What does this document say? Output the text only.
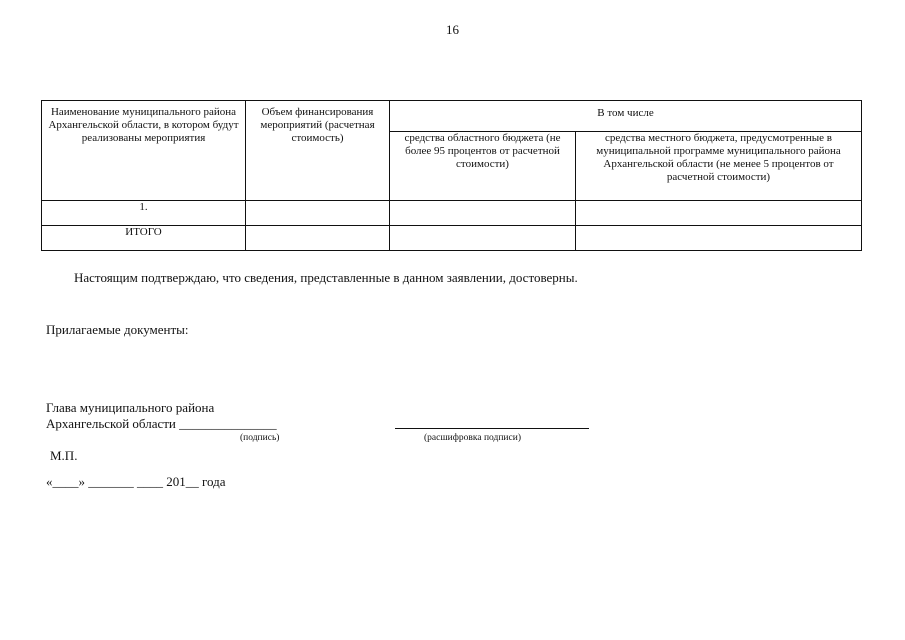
16
Наименование муниципального района Архангельской области, в котором будут реализованы мероприятия	Объем финансирования мероприятий (расчетная стоимость)	В том числе	
		средства областного бюджета (не более 95 процентов от расчетной стоимости)	средства местного бюджета, предусмотренные в муниципальной программе муниципального района Архангельской области (не менее 5 процентов от расчетной стоимости)
1.			
ИТОГО			
Настоящим подтверждаю, что сведения, представленные в данном заявлении, достоверны.
Прилагаемые документы:
Глава муниципального района
Архангельской области _______________
(подпись)	(расшифровка подписи)
М.П.
«____» _______ ____ 201__ года
